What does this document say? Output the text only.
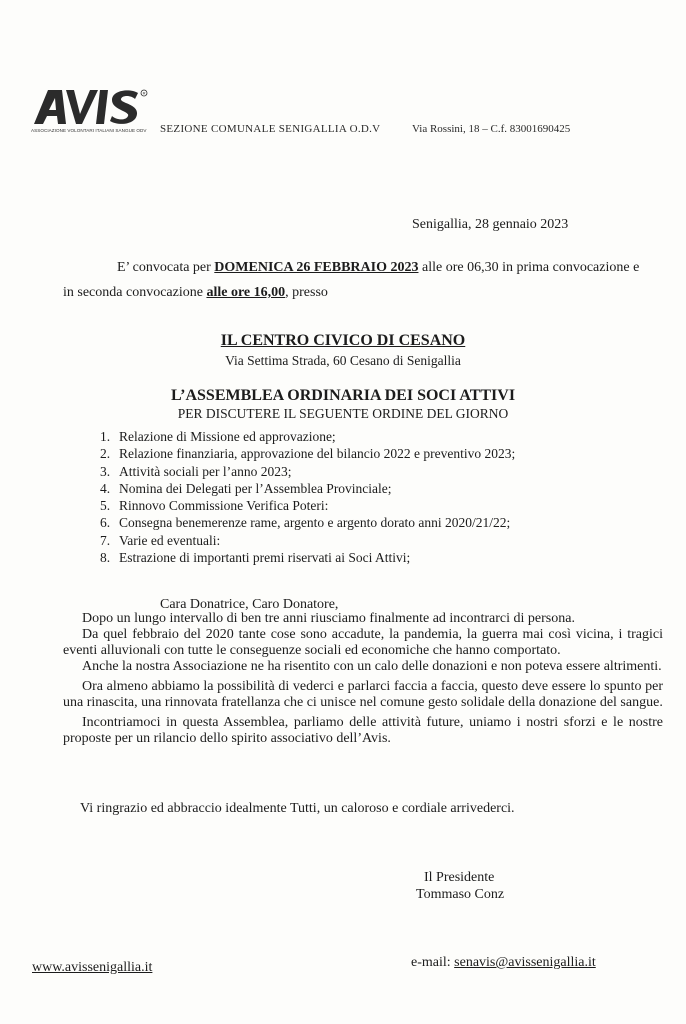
R
ASSOCIAZIONE VOLONTARI ITALIANI SANGUE ODV SEZIONE COMUNALE SENIGALLIA O.D.V	Via Rossini, 18 – C.f. 83001690425
Senigallia, 28 gennaio 2023
E’ convocata per DOMENICA 26 FEBBRAIO 2023 alle ore 06,30 in prima convocazione e
in seconda convocazione alle ore 16,00, presso
IL CENTRO CIVICO DI CESANO
Via Settima Strada, 60 Cesano di Senigallia
L’ASSEMBLEA ORDINARIA DEI SOCI ATTIVI
PER DISCUTERE IL SEGUENTE ORDINE DEL GIORNO
1. Relazione di Missione ed approvazione;
2. Relazione finanziaria, approvazione del bilancio 2022 e preventivo 2023;
3. Attività sociali per l’anno 2023;
4. Nomina dei Delegati per l’Assemblea Provinciale;
5. Rinnovo Commissione Verifica Poteri:
6. Consegna benemerenze rame, argento e argento dorato anni 2020/21/22;
7. Varie ed eventuali:
8. Estrazione di importanti premi riservati ai Soci Attivi;
Cara Donatrice, Caro Donatore,

Dopo un lungo intervallo di ben tre anni riusciamo finalmente ad incontrarci di persona.

Da quel febbraio del 2020 tante cose sono accadute, la pandemia, la guerra mai così vicina, i tragici eventi alluvionali con tutte le conseguenze sociali ed economiche che hanno comportato.

Anche la nostra Associazione ne ha risentito con un calo delle donazioni e non poteva essere altrimenti.

Ora almeno abbiamo la possibilità di vederci e parlarci faccia a faccia, questo deve essere lo spunto per una rinascita, una rinnovata fratellanza che ci unisce nel comune gesto solidale della donazione del sangue.

Incontriamoci in questa Assemblea, parliamo delle attività future, uniamo i nostri sforzi e le nostre proposte per un rilancio dello spirito associativo dell’Avis.

Vi ringrazio ed abbraccio idealmente Tutti, un caloroso e cordiale arrivederci.
Il Presidente
Tommaso Conz
www.avissenigallia.it	e-mail: senavis@avissenigallia.it
